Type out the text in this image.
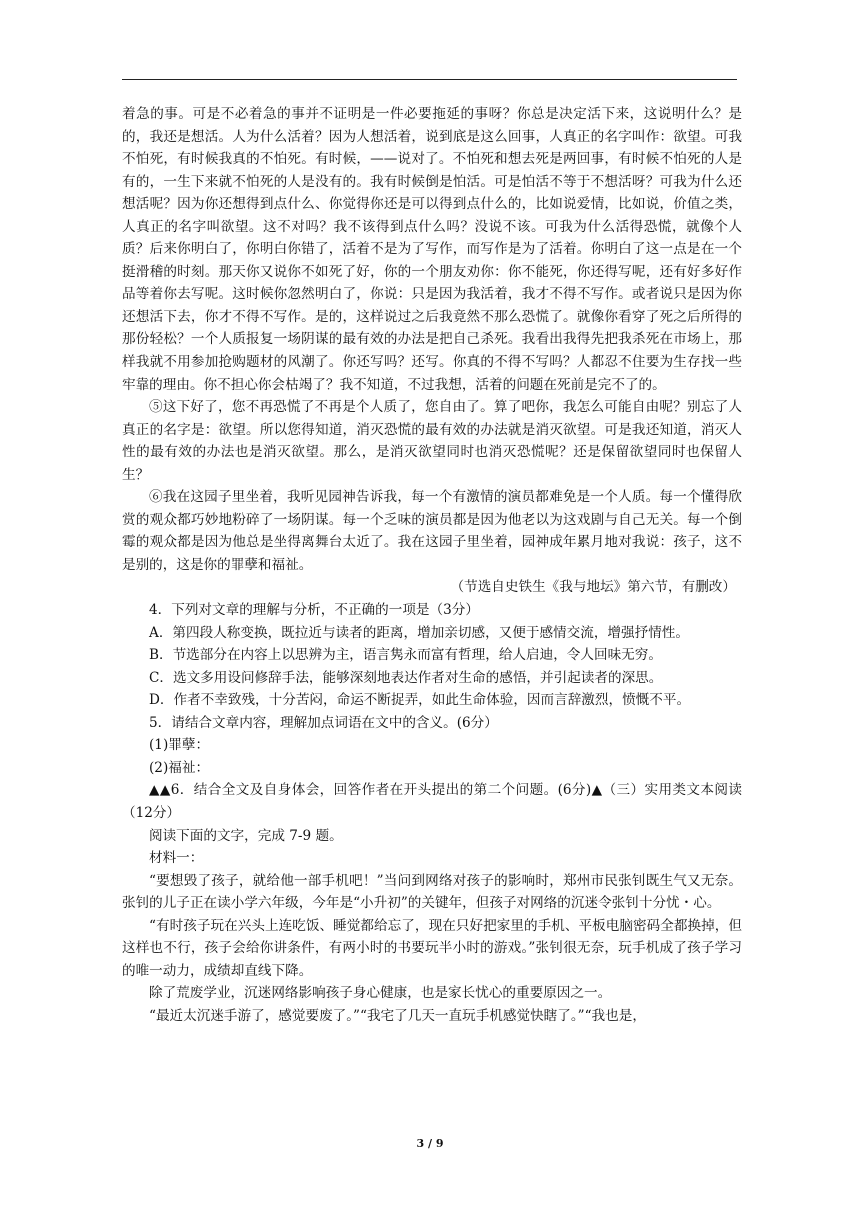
着急的事。可是不必着急的事并不证明是一件必要拖延的事呀？你总是决定活下来，这说明什么？是的，我还是想活。人为什么活着？因为人想活着，说到底是这么回事，人真正的名字叫作：欲望。可我不怕死，有时候我真的不怕死。有时候，——说对了。不怕死和想去死是两回事，有时候不怕死的人是有的，一生下来就不怕死的人是没有的。我有时候倒是怕活。可是怕活不等于不想活呀？可我为什么还想活呢？因为你还想得到点什么、你觉得你还是可以得到点什么的，比如说爱情，比如说，价值之类，人真正的名字叫欲望。这不对吗？我不该得到点什么吗？没说不该。可我为什么活得恐慌，就像个人质？后来你明白了，你明白你错了，活着不是为了写作，而写作是为了活着。你明白了这一点是在一个挺滑稽的时刻。那天你又说你不如死了好，你的一个朋友劝你：你不能死，你还得写呢，还有好多好作品等着你去写呢。这时候你忽然明白了，你说：只是因为我活着，我才不得不写作。或者说只是因为你还想活下去，你才不得不写作。是的，这样说过之后我竟然不那么恐慌了。就像你看穿了死之后所得的那份轻松？一个人质报复一场阴谋的最有效的办法是把自己杀死。我看出我得先把我杀死在市场上，那样我就不用参加抢购题材的风潮了。你还写吗？还写。你真的不得不写吗？人都忍不住要为生存找一些牢靠的理由。你不担心你会枯竭了？我不知道，不过我想，活着的问题在死前是完不了的。

⑤这下好了，您不再恐慌了不再是个人质了，您自由了。算了吧你，我怎么可能自由呢？别忘了人真正的名字是：欲望。所以您得知道，消灭恐慌的最有效的办法就是消灭欲望。可是我还知道，消灭人性的最有效的办法也是消灭欲望。那么，是消灭欲望同时也消灭恐慌呢？还是保留欲望同时也保留人生？

⑥我在这园子里坐着，我听见园神告诉我，每一个有激情的演员都难免是一个人质。每一个懂得欣赏的观众都巧妙地粉碎了一场阴谋。每一个乏味的演员都是因为他老以为这戏剧与自己无关。每一个倒霉的观众都是因为他总是坐得离舞台太近了。我在这园子里坐着，园神成年累月地对我说：孩子，这不是别的，这是你的罪孽和福祉。

（节选自史铁生《我与地坛》第六节，有删改）

4．下列对文章的理解与分析，不正确的一项是（3分）

A．第四段人称变换，既拉近与读者的距离，增加亲切感，又便于感情交流，增强抒情性。

B．节选部分在内容上以思辨为主，语言隽永而富有哲理，给人启迪，令人回味无穷。

C．选文多用设问修辞手法，能够深刻地表达作者对生命的感悟，并引起读者的深思。

D．作者不幸致残，十分苦闷，命运不断捉弄，如此生命体验，因而言辞激烈，愤慨不平。

5．请结合文章内容，理解加点词语在文中的含义。(6分）

(1)罪孽：

(2)福祉：

▲▲6．结合全文及自身体会，回答作者在开头提出的第二个问题。(6分)▲（三）实用类文本阅读（12分）

阅读下面的文字，完成 7-9 题。

材料一：

“要想毁了孩子，就给他一部手机吧！”当问到网络对孩子的影响时，郑州市民张钊既生气又无奈。张钊的儿子正在读小学六年级，今年是“小升初”的关键年，但孩子对网络的沉迷令张钊十分忧・心。

“有时孩子玩在兴头上连吃饭、睡觉都给忘了，现在只好把家里的手机、平板电脑密码全都换掉，但这样也不行，孩子会给你讲条件，有两小时的书要玩半小时的游戏。”张钊很无奈，玩手机成了孩子学习的唯一动力，成绩却直线下降。

除了荒废学业，沉迷网络影响孩子身心健康，也是家长忧心的重要原因之一。

“最近太沉迷手游了，感觉要废了。”“我宅了几天一直玩手机感觉快瞎了。”“我也是，

3 / 9
